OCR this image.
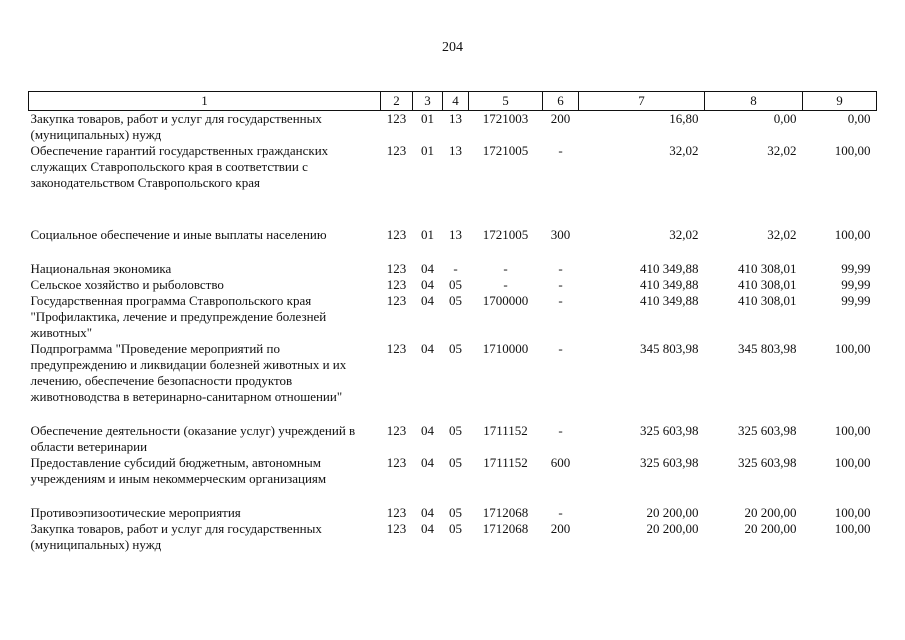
204
1	2	3	4	5	6	7	8	9
Закупка товаров, работ и услуг для государственных (муниципальных) нужд	123	01	13	1721003	200	16,80	0,00	0,00
Обеспечение гарантий государственных гражданских служащих Ставропольского края в соответствии с законодательством Ставропольского края	123	01	13	1721005	-	32,02	32,02	100,00

Социальное обеспечение и иные выплаты населению	123	01	13	1721005	300	32,02	32,02	100,00

Национальная экономика	123	04	-	-	-	410 349,88	410 308,01	99,99
Сельское хозяйство и рыболовство	123	04	05	-	-	410 349,88	410 308,01	99,99
Государственная программа Ставропольского края "Профилактика, лечение и предупреждение болезней животных"	123	04	05	1700000	-	410 349,88	410 308,01	99,99
Подпрограмма "Проведение мероприятий по предупреждению и ликвидации болезней животных и их лечению, обеспечение безопасности продуктов животноводства в ветеринарно-санитарном отношении"	123	04	05	1710000	-	345 803,98	345 803,98	100,00

Обеспечение деятельности (оказание услуг) учреждений в области ветеринарии	123	04	05	1711152	-	325 603,98	325 603,98	100,00
Предоставление субсидий бюджетным, автономным учреждениям и иным некоммерческим организациям	123	04	05	1711152	600	325 603,98	325 603,98	100,00

Противоэпизоотические мероприятия	123	04	05	1712068	-	20 200,00	20 200,00	100,00
Закупка товаров, работ и услуг для государственных (муниципальных) нужд	123	04	05	1712068	200	20 200,00	20 200,00	100,00
